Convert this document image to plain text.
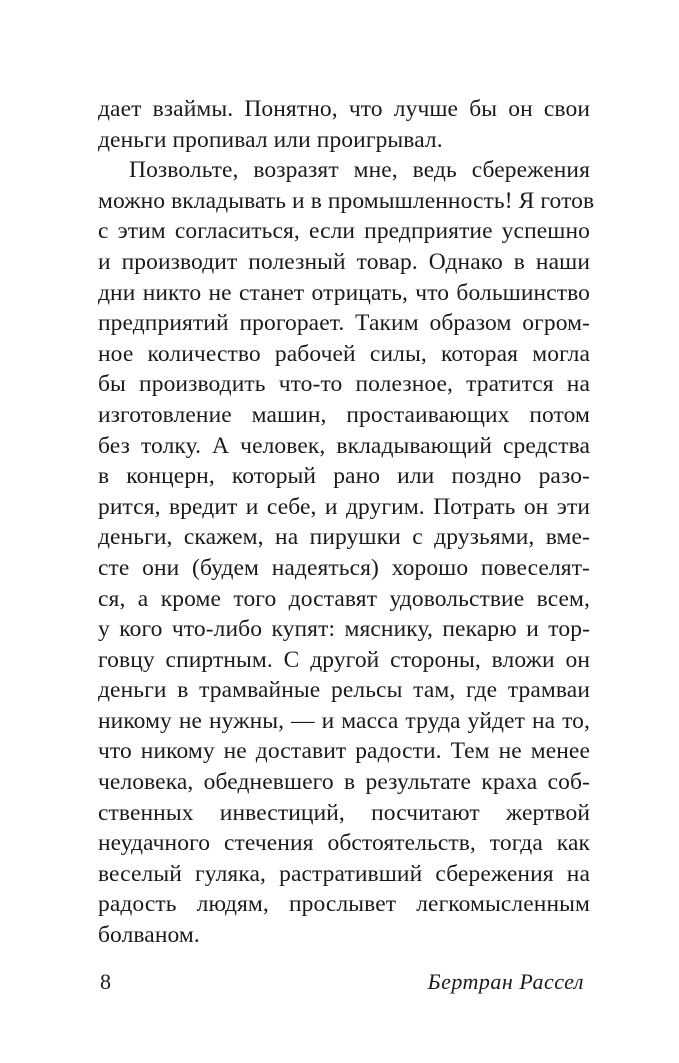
дает взаймы. Понятно, что лучше бы он свои
деньги пропивал или проигрывал.
Позвольте, возразят мне, ведь сбережения
можно вкладывать и в промышленность! Я готов
с этим согласиться, если предприятие успешно
и производит полезный товар. Однако в наши
дни никто не станет отрицать, что большинство
предприятий прогорает. Таким образом огром-
ное количество рабочей силы, которая могла
бы производить что-то полезное, тратится на
изготовление машин, простаивающих потом
без толку. А человек, вкладывающий средства
в концерн, который рано или поздно разо-
рится, вредит и себе, и другим. Потрать он эти
деньги, скажем, на пирушки с друзьями, вме-
сте они (будем надеяться) хорошо повеселят-
ся, а кроме того доставят удовольствие всем,
у кого что-либо купят: мяснику, пекарю и тор-
говцу спиртным. С другой стороны, вложи он
деньги в трамвайные рельсы там, где трамваи
никому не нужны, — и масса труда уйдет на то,
что никому не доставит радости. Тем не менее
человека, обедневшего в результате краха соб-
ственных инвестиций, посчитают жертвой
неудачного стечения обстоятельств, тогда как
веселый гуляка, растративший сбережения на
радость людям, прослывет легкомысленным
болваном.
8	Бертран Рассел
